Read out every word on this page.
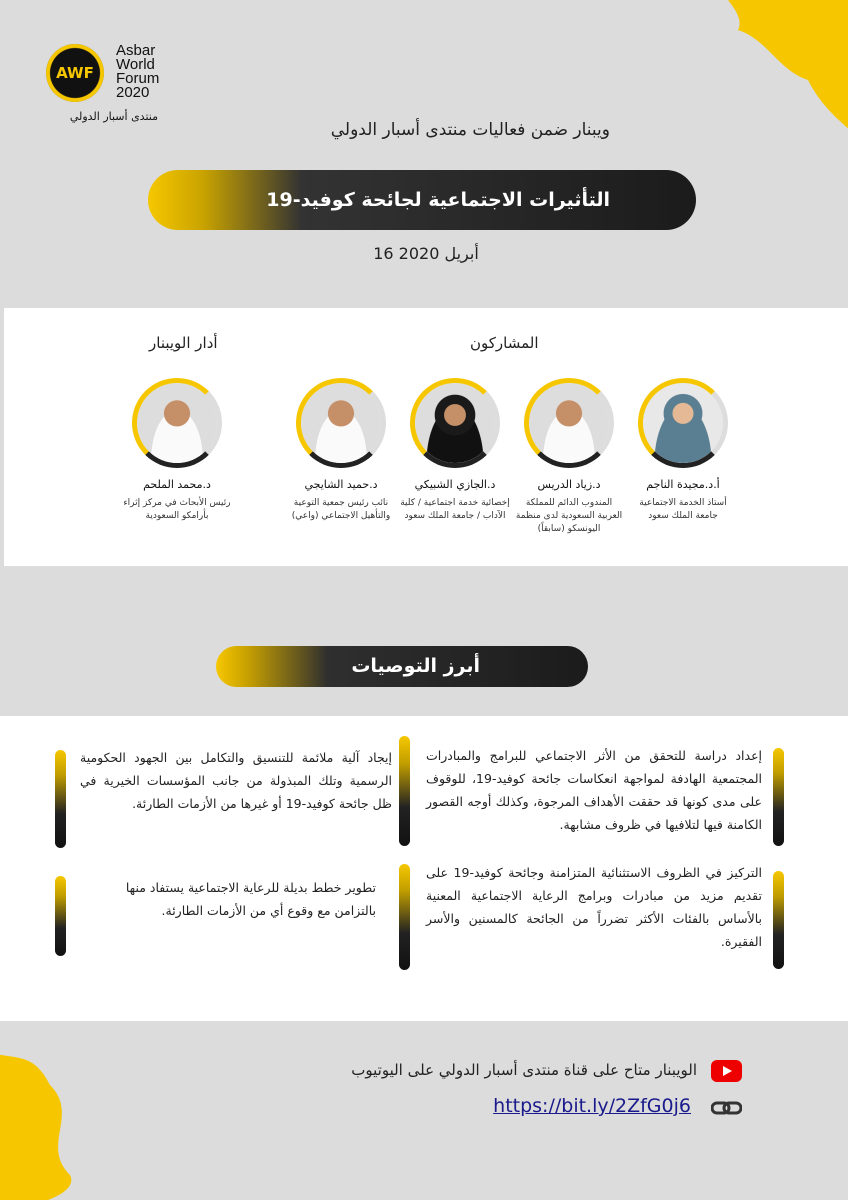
AWF
Asbar
World
Forum
2020
منتدى أسبار الدولي
ويبنار ضمن فعاليات منتدى أسبار الدولي
التأثيرات الاجتماعية لجائحة كوفيد-19
16 أبريل 2020
المشاركون
أدار الويبنار
أ.د.مجيدة الناجم
أستاذ الخدمة الاجتماعية جامعة الملك سعود
د.زياد الدريس
المندوب الدائم للمملكة العربية السعودية لدى منظمة اليونسكو (سابقاً)
د.الجازي الشبيكي
إخصائية خدمة اجتماعية / كلية الآداب / جامعة الملك سعود
د.حميد الشايجي
نائب رئيس جمعية التوعية والتأهيل الاجتماعي (واعي)
د.محمد الملحم
رئيس الأبحاث في مركز إثراء بأرامكو السعودية
أبرز التوصيات
إعداد دراسة للتحقق من الأثر الاجتماعي للبرامج والمبادرات المجتمعية الهادفة لمواجهة انعكاسات جائحة كوفيد-19، للوقوف على مدى كونها قد حققت الأهداف المرجوة، وكذلك أوجه القصور الكامنة فيها لتلافيها في ظروف مشابهة.
إيجاد آلية ملائمة للتنسيق والتكامل بين الجهود الحكومية الرسمية وتلك المبذولة من جانب المؤسسات الخيرية في ظل جائحة كوفيد-19 أو غيرها من الأزمات الطارئة.
التركيز في الظروف الاستثنائية المتزامنة وجائحة كوفيد-19 على تقديم مزيد من مبادرات وبرامج الرعاية الاجتماعية المعنية بالأساس بالفئات الأكثر تضرراً من الجائحة كالمسنين والأسر الفقيرة.
تطوير خطط بديلة للرعاية الاجتماعية يستفاد منها بالتزامن مع وقوع أي من الأزمات الطارئة.
الويبنار متاح على قناة منتدى أسبار الدولي على اليوتيوب
https://bit.ly/2ZfG0j6
